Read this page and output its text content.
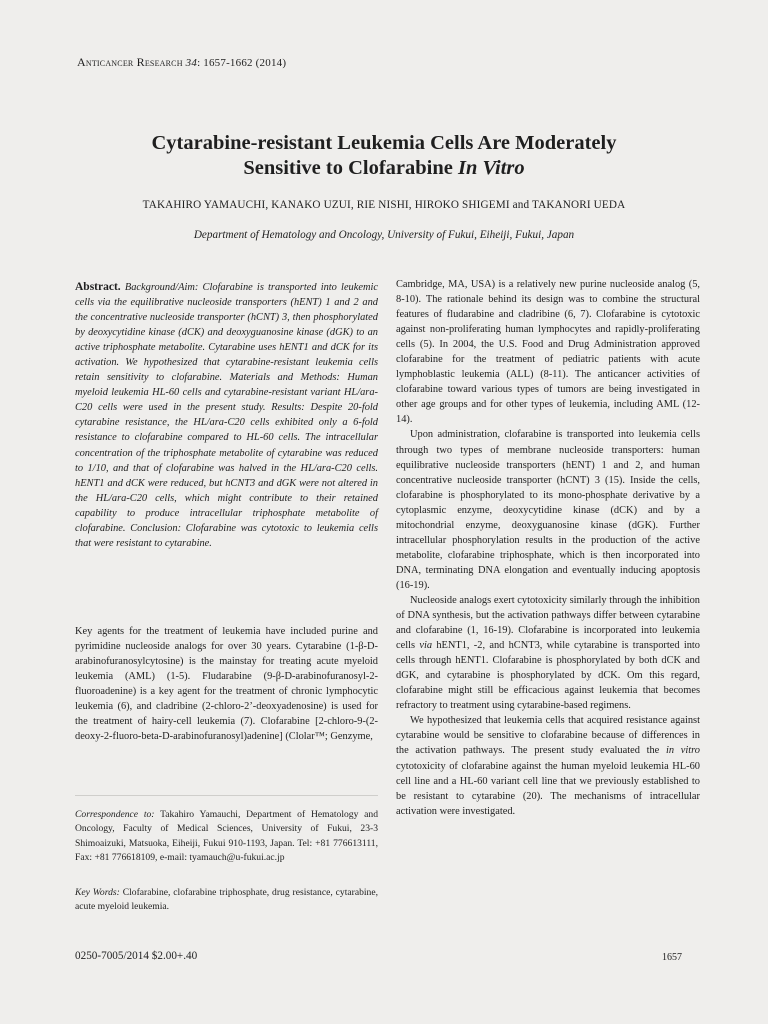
Anticancer Research 34: 1657-1662 (2014)
Cytarabine-resistant Leukemia Cells Are Moderately
Sensitive to Clofarabine In Vitro
TAKAHIRO YAMAUCHI, KANAKO UZUI, RIE NISHI, HIROKO SHIGEMI and TAKANORI UEDA
Department of Hematology and Oncology, University of Fukui, Eiheiji, Fukui, Japan

Abstract. Background/Aim: Clofarabine is transported into leukemic cells via the equilibrative nucleoside transporters (hENT) 1 and 2 and the concentrative nucleoside transporter (hCNT) 3, then phosphorylated by deoxycytidine kinase (dCK) and deoxyguanosine kinase (dGK) to an active triphosphate metabolite. Cytarabine uses hENT1 and dCK for its activation. We hypothesized that cytarabine-resistant leukemia cells retain sensitivity to clofarabine. Materials and Methods: Human myeloid leukemia HL-60 cells and cytarabine-resistant variant HL/ara-C20 cells were used in the present study. Results: Despite 20-fold cytarabine resistance, the HL/ara-C20 cells exhibited only a 6-fold resistance to clofarabine compared to HL-60 cells. The intracellular concentration of the triphosphate metabolite of cytarabine was reduced to 1/10, and that of clofarabine was halved in the HL/ara-C20 cells. hENT1 and dCK were reduced, but hCNT3 and dGK were not altered in the HL/ara-C20 cells, which might contribute to their retained capability to produce intracellular triphosphate metabolite of clofarabine. Conclusion: Clofarabine was cytotoxic to leukemia cells that were resistant to cytarabine.

Key agents for the treatment of leukemia have included purine and pyrimidine nucleoside analogs for over 30 years. Cytarabine (1-β-D-arabinofuranosylcytosine) is the mainstay for treating acute myeloid leukemia (AML) (1-5). Fludarabine (9-β-D-arabinofuranosyl-2-fluoroadenine) is a key agent for the treatment of chronic lymphocytic leukemia (6), and cladribine (2-chloro-2’-deoxyadenosine) is used for the treatment of hairy-cell leukemia (7). Clofarabine [2-chloro-9-(2-deoxy-2-fluoro-beta-D-arabinofuranosyl)adenine] (Clolar™; Genzyme,

Correspondence to: Takahiro Yamauchi, Department of Hematology and Oncology, Faculty of Medical Sciences, University of Fukui, 23-3 Shimoaizuki, Matsuoka, Eiheiji, Fukui 910-1193, Japan. Tel: +81 776613111, Fax: +81 776618109, e-mail: tyamauch@u-fukui.ac.jp

Key Words: Clofarabine, clofarabine triphosphate, drug resistance, cytarabine, acute myeloid leukemia.

Cambridge, MA, USA) is a relatively new purine nucleoside analog (5, 8-10). The rationale behind its design was to combine the structural features of fludarabine and cladribine (6, 7). Clofarabine is cytotoxic against non-proliferating human lymphocytes and rapidly-proliferating cells (5). In 2004, the U.S. Food and Drug Administration approved clofarabine for the treatment of pediatric patients with acute lymphoblastic leukemia (ALL) (8-11). The anticancer activities of clofarabine toward various types of tumors are being investigated in other age groups and for other types of leukemia, including AML (12-14).

Upon administration, clofarabine is transported into leukemia cells through two types of membrane nucleoside transporters: human equilibrative nucleoside transporters (hENT) 1 and 2, and human concentrative nucleoside transporter (hCNT) 3 (15). Inside the cells, clofarabine is phosphorylated to its mono-phosphate derivative by a cytoplasmic enzyme, deoxycytidine kinase (dCK) and by a mitochondrial enzyme, deoxyguanosine kinase (dGK). Further intracellular phosphorylation results in the production of the active metabolite, clofarabine triphosphate, which is then incorporated into DNA, terminating DNA elongation and eventually inducing apoptosis (16-19).

Nucleoside analogs exert cytotoxicity similarly through the inhibition of DNA synthesis, but the activation pathways differ between cytarabine and clofarabine (1, 16-19). Clofarabine is incorporated into leukemia cells via hENT1, -2, and hCNT3, while cytarabine is transported into cells through hENT1. Clofarabine is phosphorylated by both dCK and dGK, and cytarabine is phosphorylated by dCK. Om this regard, clofarabine might still be efficacious against leukemia that becomes refractory to treatment using cytarabine-based regimens.

We hypothesized that leukemia cells that acquired resistance against cytarabine would be sensitive to clofarabine because of differences in the activation pathways. The present study evaluated the in vitro cytotoxicity of clofarabine against the human myeloid leukemia HL-60 cell line and a HL-60 variant cell line that we previously established to be resistant to cytarabine (20). The mechanisms of intracellular activation were investigated.

0250-7005/2014 $2.00+.40	1657
